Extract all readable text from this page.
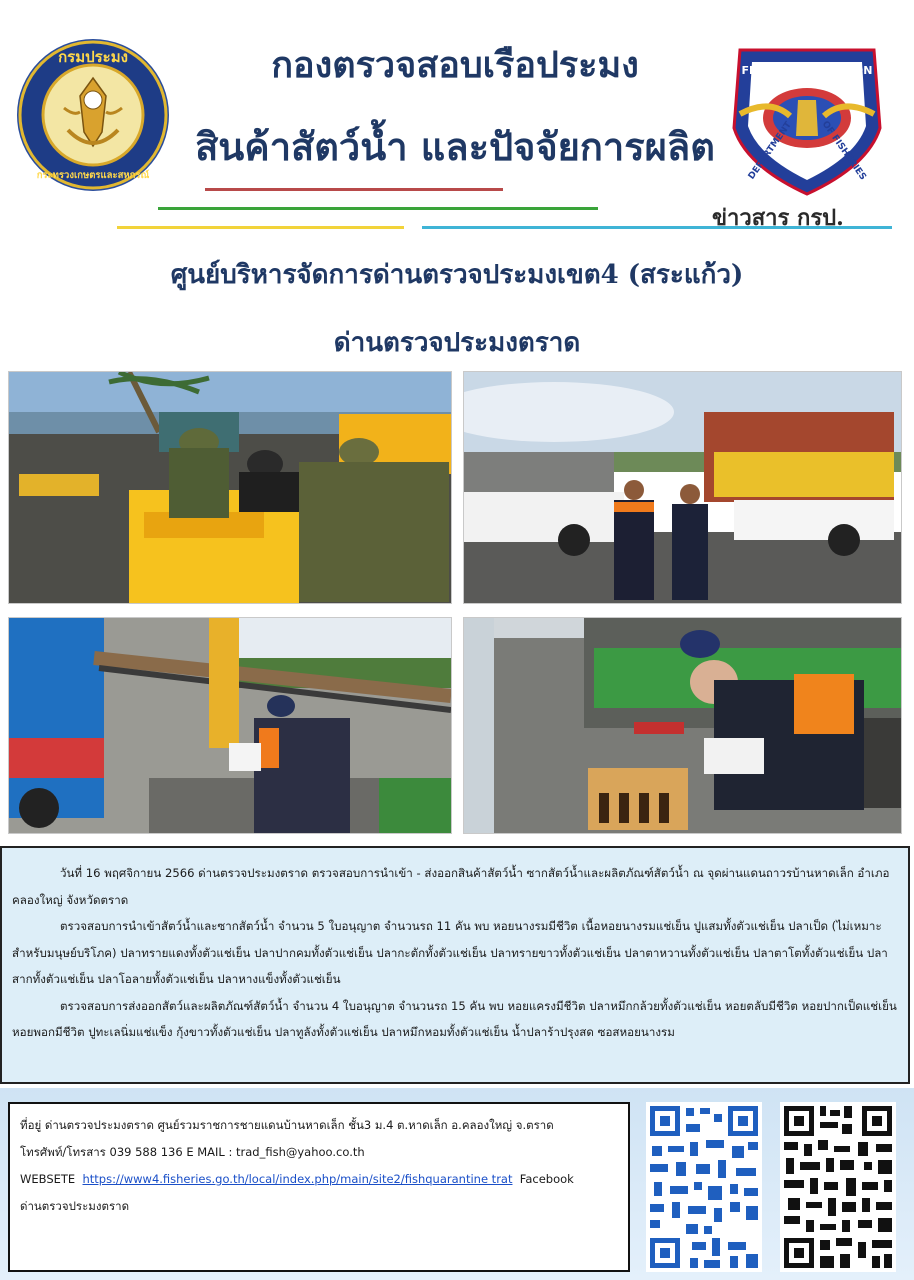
กรมประมง
กระทรวงเกษตรและสหกรณ์
กองตรวจสอบเรือประมง
สินค้าสัตว์น้ำ และปัจจัยการผลิต
FISHERY INSPECTION
DEPARTMENT	OF FISHERIES
ด่านตรวจประมง
ข่าวสาร กรป.
ศูนย์บริหารจัดการด่านตรวจประมงเขต4 (สระแก้ว)
ด่านตรวจประมงตราด

วันที่ 16 พฤศจิกายน 2566 ด่านตรวจประมงตราด ตรวจสอบการนำเข้า - ส่งออกสินค้าสัตว์น้ำ ซากสัตว์น้ำและผลิตภัณฑ์สัตว์น้ำ ณ จุดผ่านแดนถาวรบ้านหาดเล็ก อำเภอคลองใหญ่ จังหวัดตราด

ตรวจสอบการนำเข้าสัตว์น้ำและซากสัตว์น้ำ จำนวน 5 ใบอนุญาต จำนวนรถ 11 คัน พบ หอยนางรมมีชีวิต เนื้อหอยนางรมแช่เย็น ปูแสมทั้งตัวแช่เย็น ปลาเป็ด (ไม่เหมาะสำหรับมนุษย์บริโภค) ปลาทรายแดงทั้งตัวแช่เย็น ปลาปากคมทั้งตัวแช่เย็น ปลากะตักทั้งตัวแช่เย็น ปลาทรายขาวทั้งตัวแช่เย็น ปลาตาหวานทั้งตัวแช่เย็น ปลาตาโตทั้งตัวแช่เย็น ปลาสากทั้งตัวแช่เย็น ปลาโอลายทั้งตัวแช่เย็น ปลาหางแข็งทั้งตัวแช่เย็น

ตรวจสอบการส่งออกสัตว์และผลิตภัณฑ์สัตว์น้ำ จำนวน 4 ใบอนุญาต จำนวนรถ 15 คัน พบ หอยแครงมีชีวิต ปลาหมึกกล้วยทั้งตัวแช่เย็น หอยตลับมีชีวิต หอยปากเป็ดแช่เย็น หอยพอกมีชีวิต ปูทะเลนิ่มแช่แข็ง กุ้งขาวทั้งตัวแช่เย็น ปลาทูลังทั้งตัวแช่เย็น ปลาหมึกหอมทั้งตัวแช่เย็น น้ำปลาร้าปรุงสด ซอสหอยนางรม

ที่อยู่ ด่านตรวจประมงตราด ศูนย์รวมราชการชายแดนบ้านหาดเล็ก ชั้น3 ม.4 ต.หาดเล็ก อ.คลองใหญ่ จ.ตราด
โทรศัพท์/โทรสาร 039 588 136 E MAIL : trad_fish@yahoo.co.th
WEBSETE https://www4.fisheries.go.th/local/index.php/main/site2/fishquarantine trat Facebook
ด่านตรวจประมงตราด
